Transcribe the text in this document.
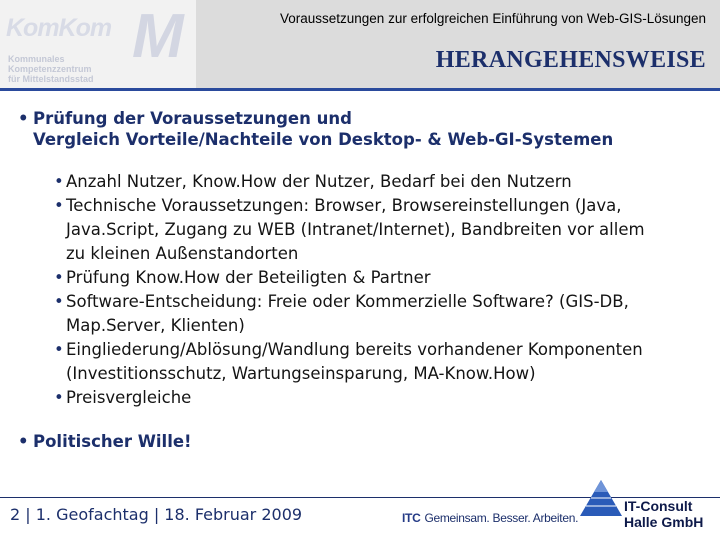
KomKom M
Kommunales
Kompetenzzentrum
für Mittelstandsstad
Voraussetzungen zur erfolgreichen Einführung von Web-GIS-Lösungen
HERANGEHENSWEISE
• Prüfung der Voraussetzungen und
Vergleich Vorteile/Nachteile von Desktop- & Web-GI-Systemen
• Anzahl Nutzer, Know.How der Nutzer, Bedarf bei den Nutzern
• Technische Voraussetzungen: Browser, Browsereinstellungen (Java,
Java.Script, Zugang zu WEB (Intranet/Internet), Bandbreiten vor allem
zu kleinen Außenstandorten
• Prüfung Know.How der Beteiligten & Partner
• Software-Entscheidung: Freie oder Kommerzielle Software? (GIS-DB,
Map.Server, Klienten)
• Eingliederung/Ablösung/Wandlung bereits vorhandener Komponenten
(Investitionsschutz, Wartungseinsparung, MA-Know.How)
• Preisvergleiche
• Politischer Wille!
2 | 1. Geofachtag | 18. Februar 2009	ITC Gemeinsam. Besser. Arbeiten.
IT-Consult
Halle GmbH
